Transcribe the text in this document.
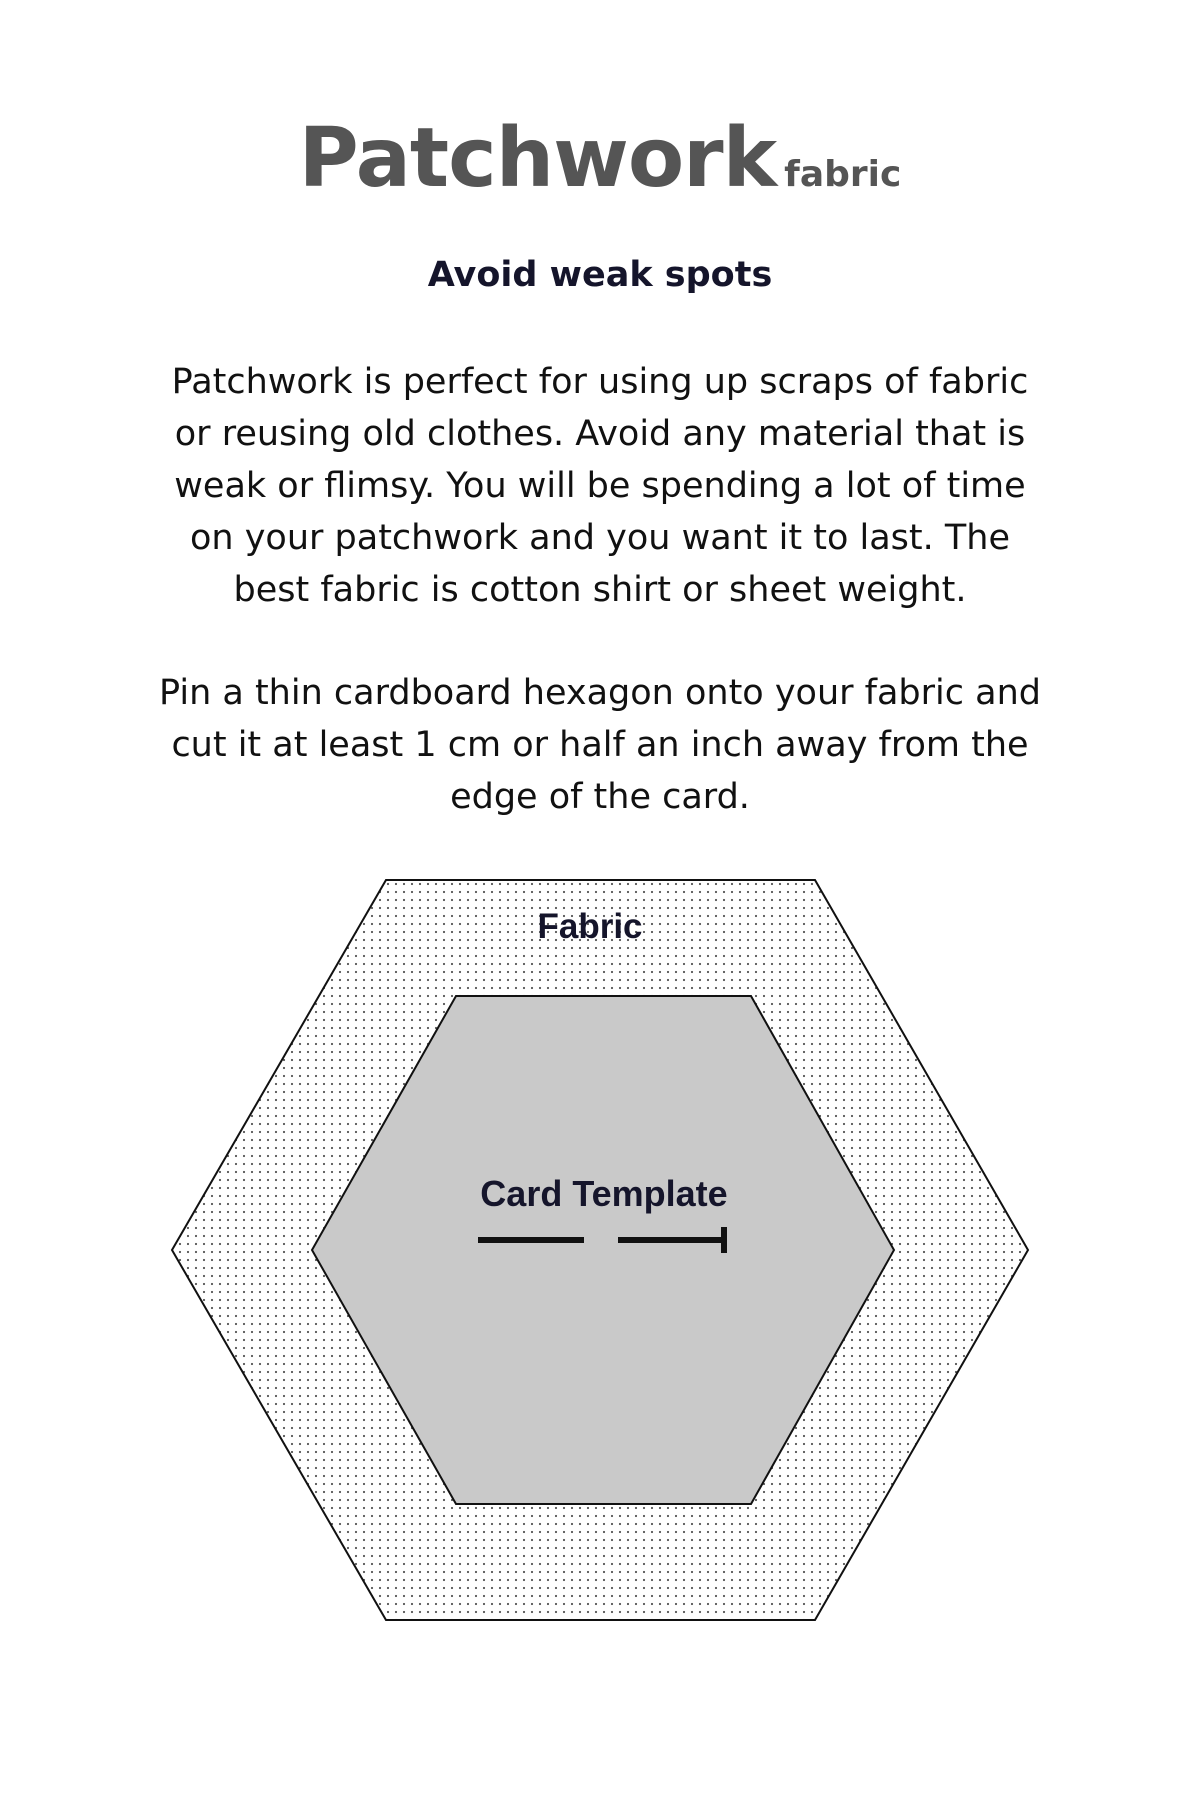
Patchwork fabric
Avoid weak spots
Patchwork is perfect for using up scraps of fabric or reusing old clothes. Avoid any material that is weak or flimsy. You will be spending a lot of time on your patchwork and you want it to last. The best fabric is cotton shirt or sheet weight.
Pin a thin cardboard hexagon onto your fabric and cut it at least 1 cm or half an inch away from the edge of the card.
Fabric
Card Template
